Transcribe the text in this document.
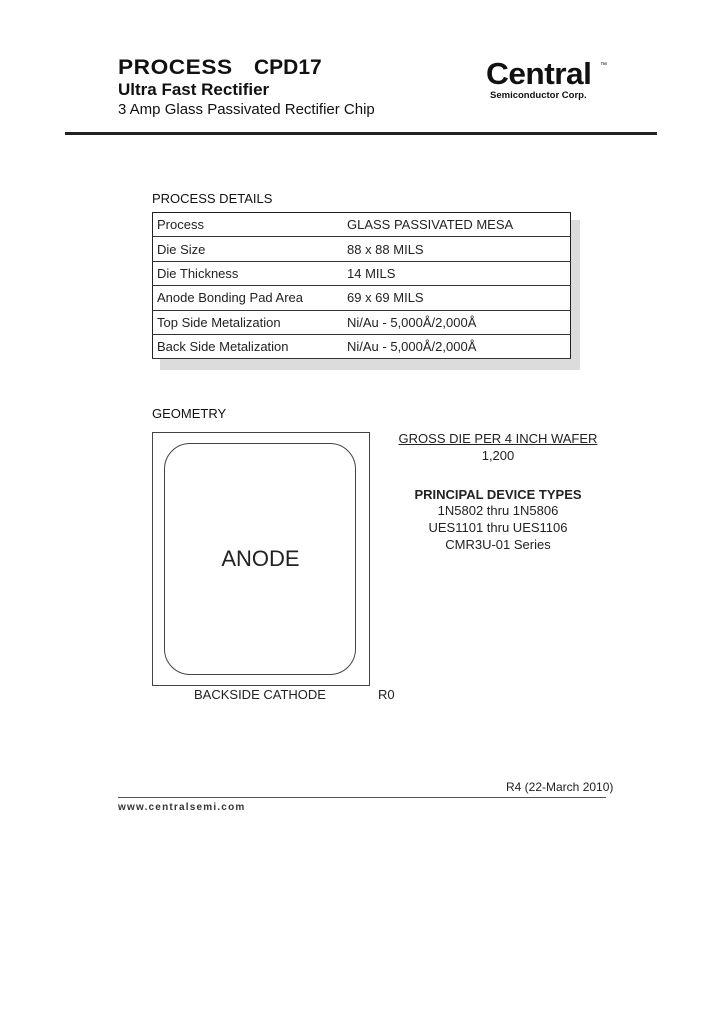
PROCESS CPD17
Ultra Fast Rectifier
3 Amp Glass Passivated Rectifier Chip
Central ™
Semiconductor Corp.
PROCESS DETAILS
Process	GLASS PASSIVATED MESA
Die Size	88 x 88 MILS
Die Thickness	14 MILS
Anode Bonding Pad Area	69 x 69 MILS
Top Side Metalization	Ni/Au - 5,000Å/2,000Å
Back Side Metalization	Ni/Au - 5,000Å/2,000Å
GEOMETRY
ANODE
BACKSIDE CATHODE	R0
GROSS DIE PER 4 INCH WAFER
1,200
PRINCIPAL DEVICE TYPES
1N5802 thru 1N5806
UES1101 thru UES1106
CMR3U-01 Series
R4 (22-March 2010)
www.centralsemi.com
